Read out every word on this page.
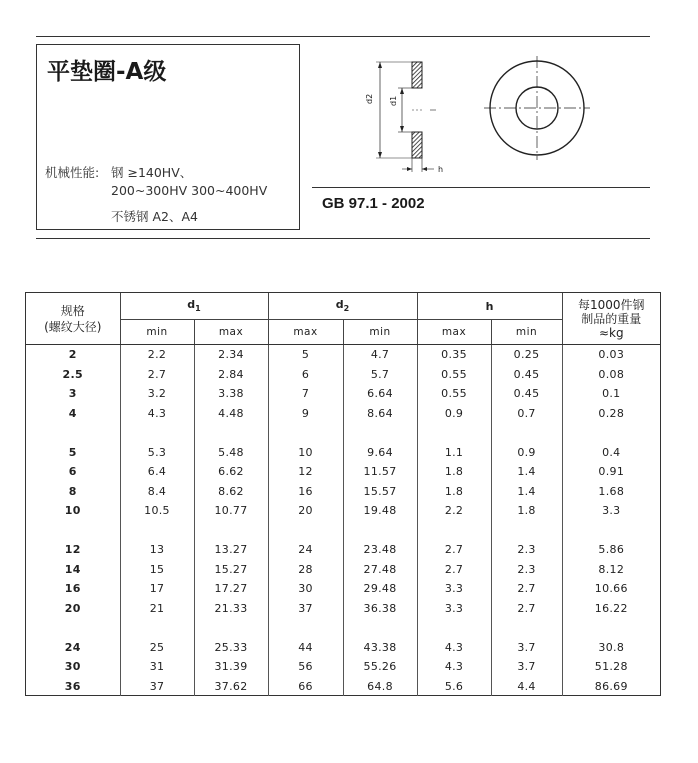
平垫圈-A级
机械性能: 钢 ≥140HV、
200~300HV 300~400HV
不锈钢 A2、A4
GB 97.1 - 2002
d2 d1
h
规格
(螺纹大径)	$d_1$		$d_2$		h		每1000件钢
制品的重量
≈kg
	min	max	max	min	max	min	
2	2.2	2.34	5	4.7	0.35	0.25	0.03
2.5	2.7	2.84	6	5.7	0.55	0.45	0.08
3	3.2	3.38	7	6.64	0.55	0.45	0.1
4	4.3	4.48	9	8.64	0.9	0.7	0.28

5	5.3	5.48	10	9.64	1.1	0.9	0.4
6	6.4	6.62	12	11.57	1.8	1.4	0.91
8	8.4	8.62	16	15.57	1.8	1.4	1.68
10	10.5	10.77	20	19.48	2.2	1.8	3.3

12	13	13.27	24	23.48	2.7	2.3	5.86
14	15	15.27	28	27.48	2.7	2.3	8.12
16	17	17.27	30	29.48	3.3	2.7	10.66
20	21	21.33	37	36.38	3.3	2.7	16.22

24	25	25.33	44	43.38	4.3	3.7	30.8
30	31	31.39	56	55.26	4.3	3.7	51.28
36	37	37.62	66	64.8	5.6	4.4	86.69
